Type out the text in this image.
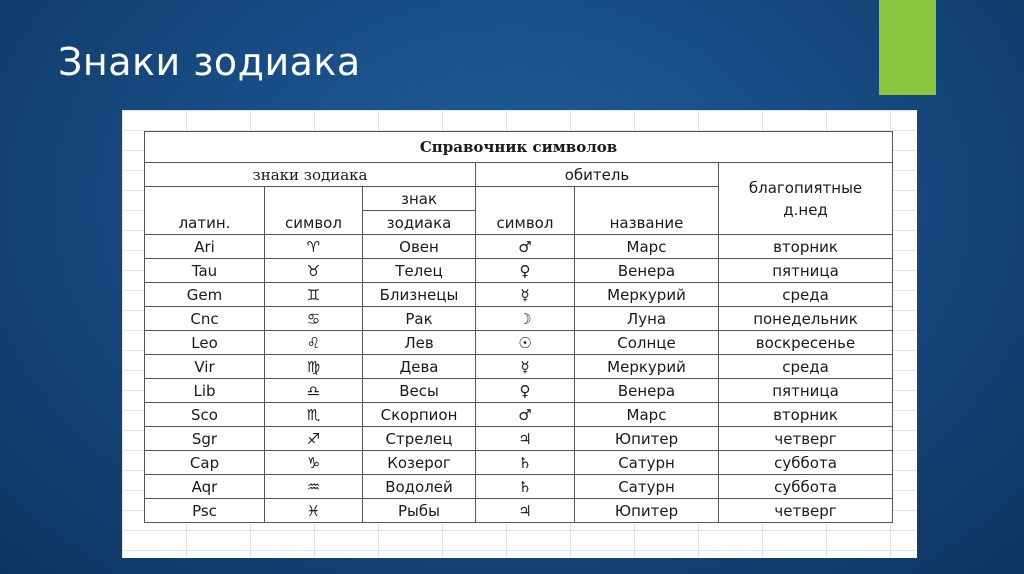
Знаки зодиака
Справочник символов					
знаки зодиака			обитель		благопиятные д.нед
латин.	символ	знак	символ	название	
		зодиака			
Ari	♈	Овен	♂	Марс	вторник
Tau	♉	Телец	♀	Венера	пятница
Gem	♊	Близнецы	☿	Меркурий	среда
Cnc	♋	Рак	☽	Луна	понедельник
Leo	♌	Лев	☉	Солнце	воскресенье
Vir	♍	Дева	☿	Меркурий	среда
Lib	♎	Весы	♀	Венера	пятница
Sco	♏	Скорпион	♂	Марс	вторник
Sgr	♐	Стрелец	♃	Юпитер	четверг
Cap	♑	Козерог	♄	Сатурн	суббота
Aqr	♒	Водолей	♄	Сатурн	суббота
Psc	♓	Рыбы	♃	Юпитер	четверг
